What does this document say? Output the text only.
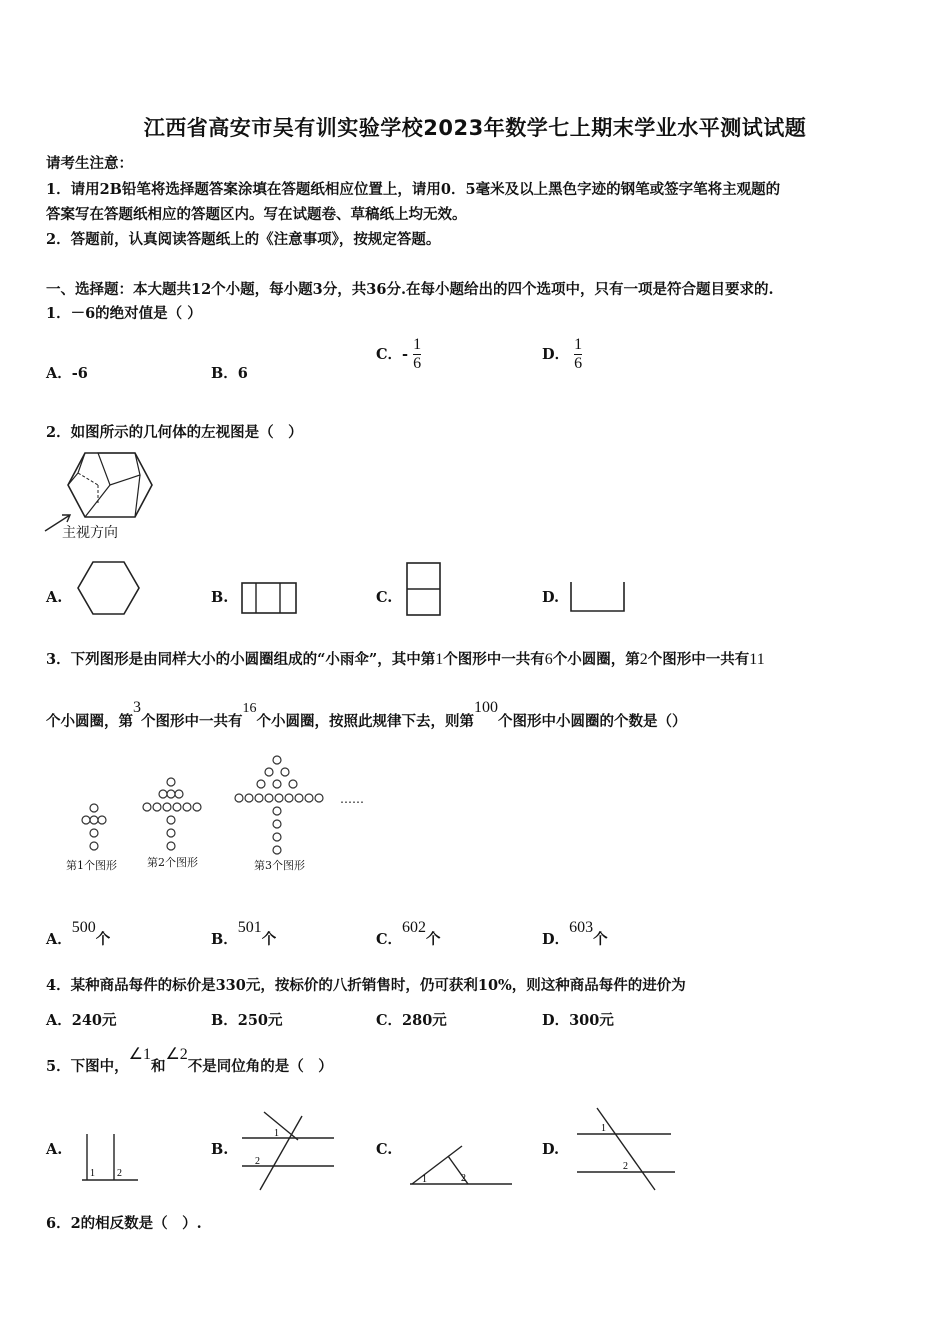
江西省高安市吴有训实验学校2023年数学七上期末学业水平测试试题
请考生注意：
1．请用2B铅笔将选择题答案涂填在答题纸相应位置上，请用0．5毫米及以上黑色字迹的钢笔或签字笔将主观题的
答案写在答题纸相应的答题区内。写在试题卷、草稿纸上均无效。
2．答题前，认真阅读答题纸上的《注意事项》，按规定答题。
一、选择题：本大题共12个小题，每小题3分，共36分.在每小题给出的四个选项中，只有一项是符合题目要求的.
1．－6的绝对值是（ ）
A．-6	B．6
C．- $\frac{1}{6}$	D． $\frac{1}{6}$
2．如图所示的几何体的左视图是（　）
主视方向
A.	B.	C.	D.
3．下列图形是由同样大小的小圆圈组成的“小雨伞”，其中第1个图形中一共有6个小圆圈，第2个图形中一共有11
个小圆圈，第3个图形中一共有16个小圆圈，按照此规律下去，则第100个图形中小圆圈的个数是（）
第1个图形	第2个图形	第3个图形
……
A．500个	B．501个	C．602个	D．603个
4．某种商品每件的标价是330元，按标价的八折销售时，仍可获利10%，则这种商品每件的进价为
A．240元	B．250元	C．280元	D．300元
5．下图中，∠1和∠2不是同位角的是（　）
A.
1 2
B.
1
2
C.
1	2
D.
1
2
6．2的相反数是（　）.
